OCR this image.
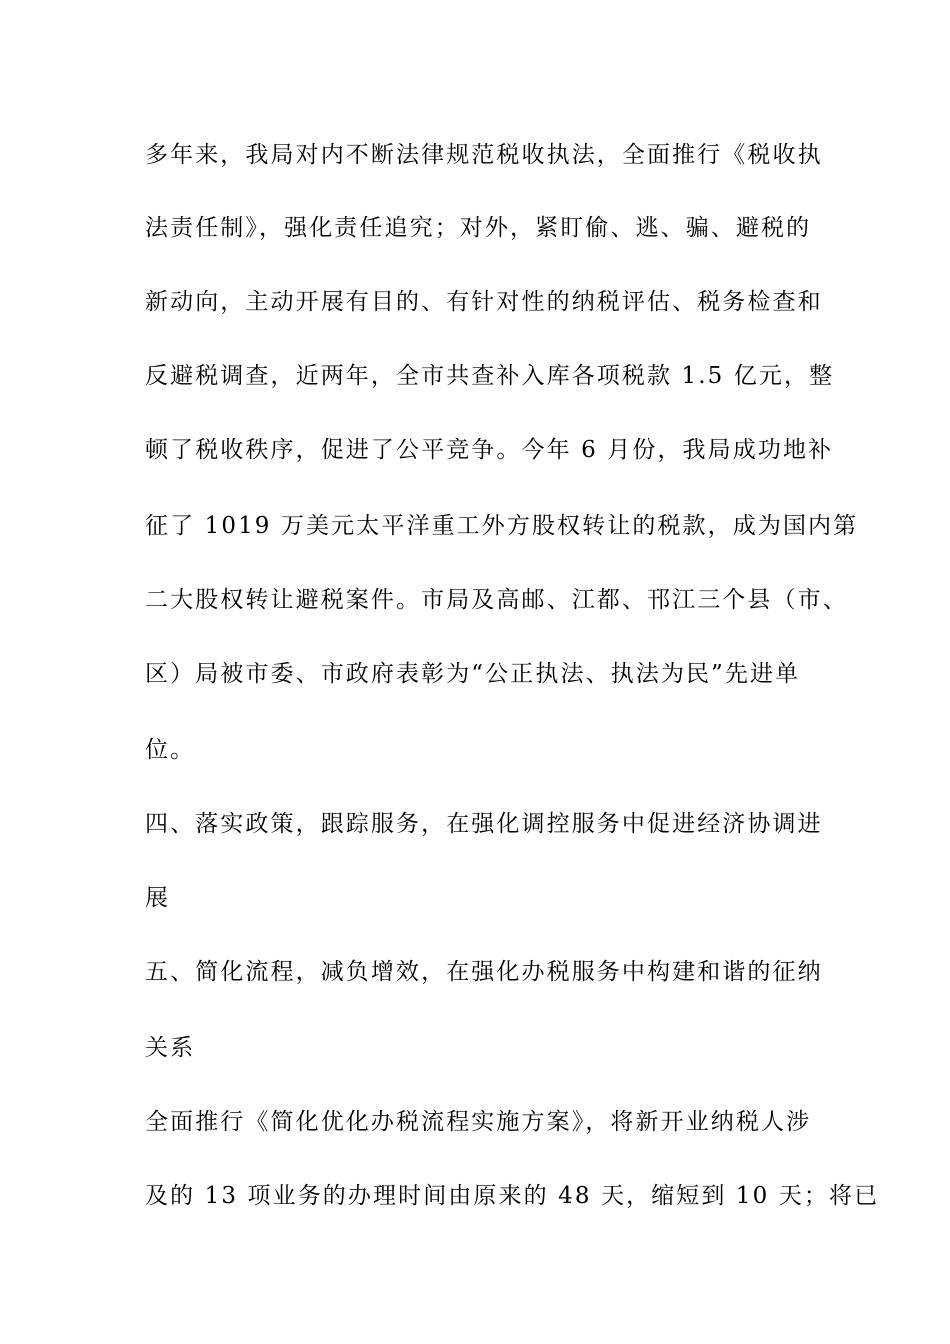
多年来，我局对内不断法律规范税收执法，全面推行《税收执
法责任制》，强化责任追究；对外，紧盯偷、逃、骗、避税的
新动向，主动开展有目的、有针对性的纳税评估、税务检查和
反避税调查，近两年，全市共查补入库各项税款 1.5 亿元，整
顿了税收秩序，促进了公平竞争。今年 6 月份，我局成功地补
征了 1019 万美元太平洋重工外方股权转让的税款，成为国内第
二大股权转让避税案件。市局及高邮、江都、邗江三个县（市、
区）局被市委、市政府表彰为“公正执法、执法为民”先进单
位。
四、落实政策，跟踪服务，在强化调控服务中促进经济协调进
展
五、简化流程，减负增效，在强化办税服务中构建和谐的征纳
关系
全面推行《简化优化办税流程实施方案》，将新开业纳税人涉
及的 13 项业务的办理时间由原来的 48 天，缩短到 10 天；将已
